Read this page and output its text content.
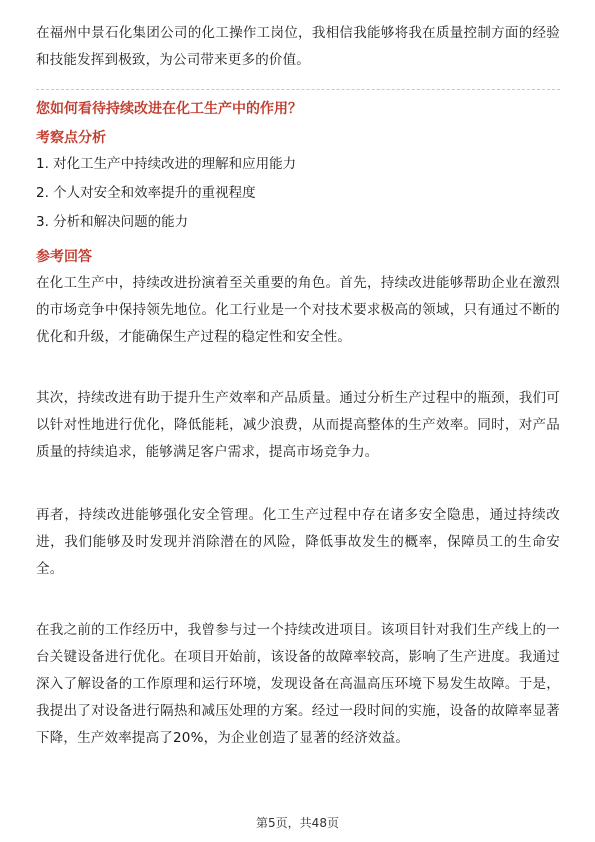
在福州中景石化集团公司的化工操作工岗位，我相信我能够将我在质量控制方面的经验和技能发挥到极致，为公司带来更多的价值。

您如何看待持续改进在化工生产中的作用？

考察点分析

1. 对化工生产中持续改进的理解和应用能力

2. 个人对安全和效率提升的重视程度

3. 分析和解决问题的能力

参考回答

在化工生产中，持续改进扮演着至关重要的角色。首先，持续改进能够帮助企业在激烈的市场竞争中保持领先地位。化工行业是一个对技术要求极高的领域，只有通过不断的优化和升级，才能确保生产过程的稳定性和安全性。

其次，持续改进有助于提升生产效率和产品质量。通过分析生产过程中的瓶颈，我们可以针对性地进行优化，降低能耗，减少浪费，从而提高整体的生产效率。同时，对产品质量的持续追求，能够满足客户需求，提高市场竞争力。

再者，持续改进能够强化安全管理。化工生产过程中存在诸多安全隐患，通过持续改进，我们能够及时发现并消除潜在的风险，降低事故发生的概率，保障员工的生命安全。

在我之前的工作经历中，我曾参与过一个持续改进项目。该项目针对我们生产线上的一台关键设备进行优化。在项目开始前，该设备的故障率较高，影响了生产进度。我通过深入了解设备的工作原理和运行环境，发现设备在高温高压环境下易发生故障。于是，我提出了对设备进行隔热和减压处理的方案。经过一段时间的实施，设备的故障率显著下降，生产效率提高了20%，为企业创造了显著的经济效益。

第5页，共48页
